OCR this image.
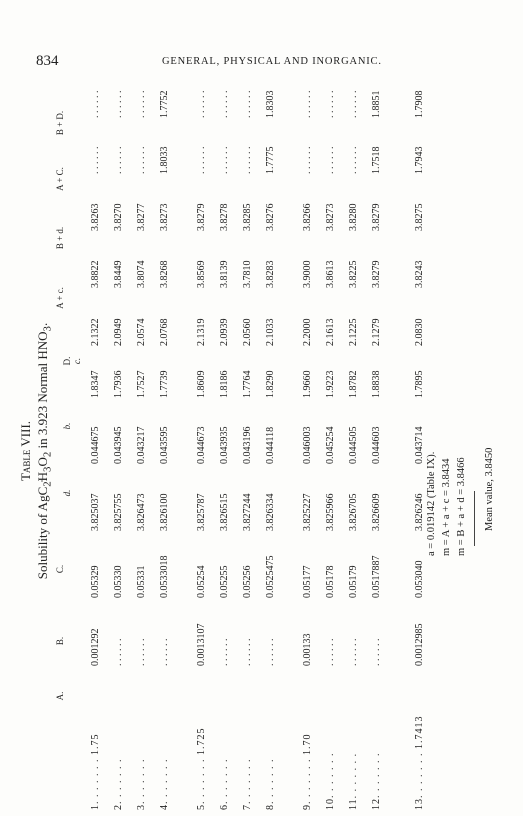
834	GENERAL, PHYSICAL AND INORGANIC.
Table VIII.
Solubility of $AgC_2H_3O_2$ in 3.923 Normal $HNO_3$.
A.
B.
C.
d.
b.
D. c.
A + c.
B + d.
A + C.
B + D.
1. . . . . . . 1.75
0.001292
0.05329
3.825037
0.044675
1.8347
2.1322
3.8822
3.8263
. . . . . .
. . . . . .
2. . . . . . .
. . . . . .
0.05330
3.825755
0.043945
1.7936
2.0949
3.8449
3.8270
. . . . . .
. . . . . .
3. . . . . . .
. . . . . .
0.05331
3.826473
0.043217
1.7527
2.0574
3.8074
3.8277
. . . . . .
. . . . . .
4. . . . . . .
. . . . . .
0.0533018
3.826100
0.043595
1.7739
2.0768
3.8268
3.8273
1.8033
1.7752
5. . . . . . . 1.725
0.0013107
0.05254
3.825787
0.044673
1.8609
2.1319
3.8569
3.8279
. . . . . .
. . . . . .
6. . . . . . .
. . . . . .
0.05255
3.826515
0.043935
1.8186
2.0939
3.8139
3.8278
. . . . . .
. . . . . .
7. . . . . . .
. . . . . .
0.05256
3.827244
0.043196
1.7764
2.0560
3.7810
3.8285
. . . . . .
. . . . . .
8. . . . . . .
. . . . . .
0.0525475
3.826334
0.044118
1.8290
2.1033
3.8283
3.8276
1.7775
1.8303
9. . . . . . . 1.70
0.00133
0.05177
3.825227
0.046003
1.9660
2.2000
3.9000
3.8266
. . . . . .
. . . . . .
10. . . . . . .
. . . . . .
0.05178
3.825966
0.045254
1.9223
2.1613
3.8613
3.8273
. . . . . .
. . . . . .
11. . . . . . .
. . . . . .
0.05179
3.826705
0.044505
1.8782
2.1225
3.8225
3.8280
. . . . . .
. . . . . .
12. . . . . . .
. . . . . .
0.0517887
3.826609
0.044603
1.8838
2.1279
3.8279
3.8279
1.7518
1.8851
13. . . . . . . 1.7413
0.0012985
0.053040
3.826246
0.043714
1.7895
2.0830
3.8243
3.8275
1.7943
1.7908
a = 0.019142 (Table IX). m = A + a + c = 3.8434 m = B + a + d = 3.8466 Mean value, 3.8450
